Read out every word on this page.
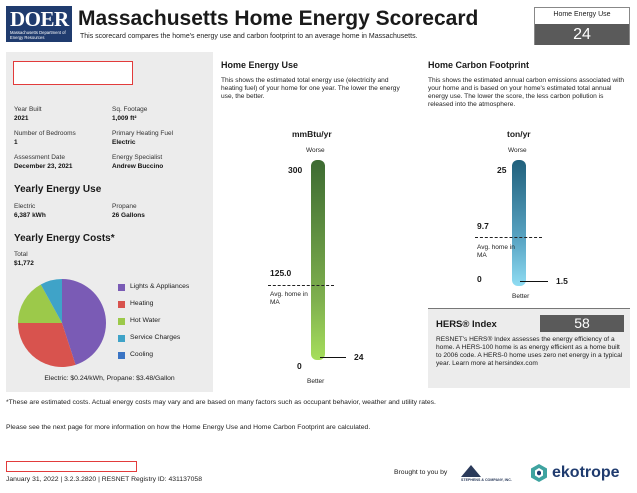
DOER
Massachusetts Department of Energy Resources
Massachusetts Home Energy Scorecard
This scorecard compares the home's energy use and carbon footprint to an average home in Massachusetts.
Home Energy Use
24
Year Built
2021
Sq. Footage
1,009 ft²
Number of Bedrooms
1
Primary Heating Fuel
Electric
Assessment Date
December 23, 2021
Energy Specialist
Andrew Buccino
Yearly Energy Use
Electric
6,387 kWh
Propane
26 Gallons
Yearly Energy Costs*
Total
$1,772
Lights & Appliances
Heating
Hot Water
Service Charges
Cooling
Electric: $0.24/kWh, Propane: $3.48/Gallon
Home Energy Use
This shows the estimated total energy use (electricity and heating fuel) of your home for one year. The lower the energy use, the better.
mmBtu/yr
Worse
300
125.0
Avg. home in MA
0
24
Better
Home Carbon Footprint
This shows the estimated annual carbon emissions associated with your home and is based on your home's estimated total annual energy use. The lower the score, the less carbon pollution is released into the atmosphere.
ton/yr
Worse
25
9.7
Avg. home in MA
0	1.5
Better
HERS® Index	58
RESNET's HERS® Index assesses the energy efficiency of a home. A HERS-100 home is as energy efficient as a home built to 2006 code. A HERS-0 home uses zero net energy in a typical year. Learn more at hersindex.com
*These are estimated costs. Actual energy costs may vary and are based on many factors such as occupant behavior, weather and utility rates.
Please see the next page for more information on how the Home Energy Use and Home Carbon Footprint are calculated.
January 31, 2022 | 3.2.3.2820 | RESNET Registry ID: 431137058
Brought to you by
STEPHENS & COMPANY, INC.	ekotrope
